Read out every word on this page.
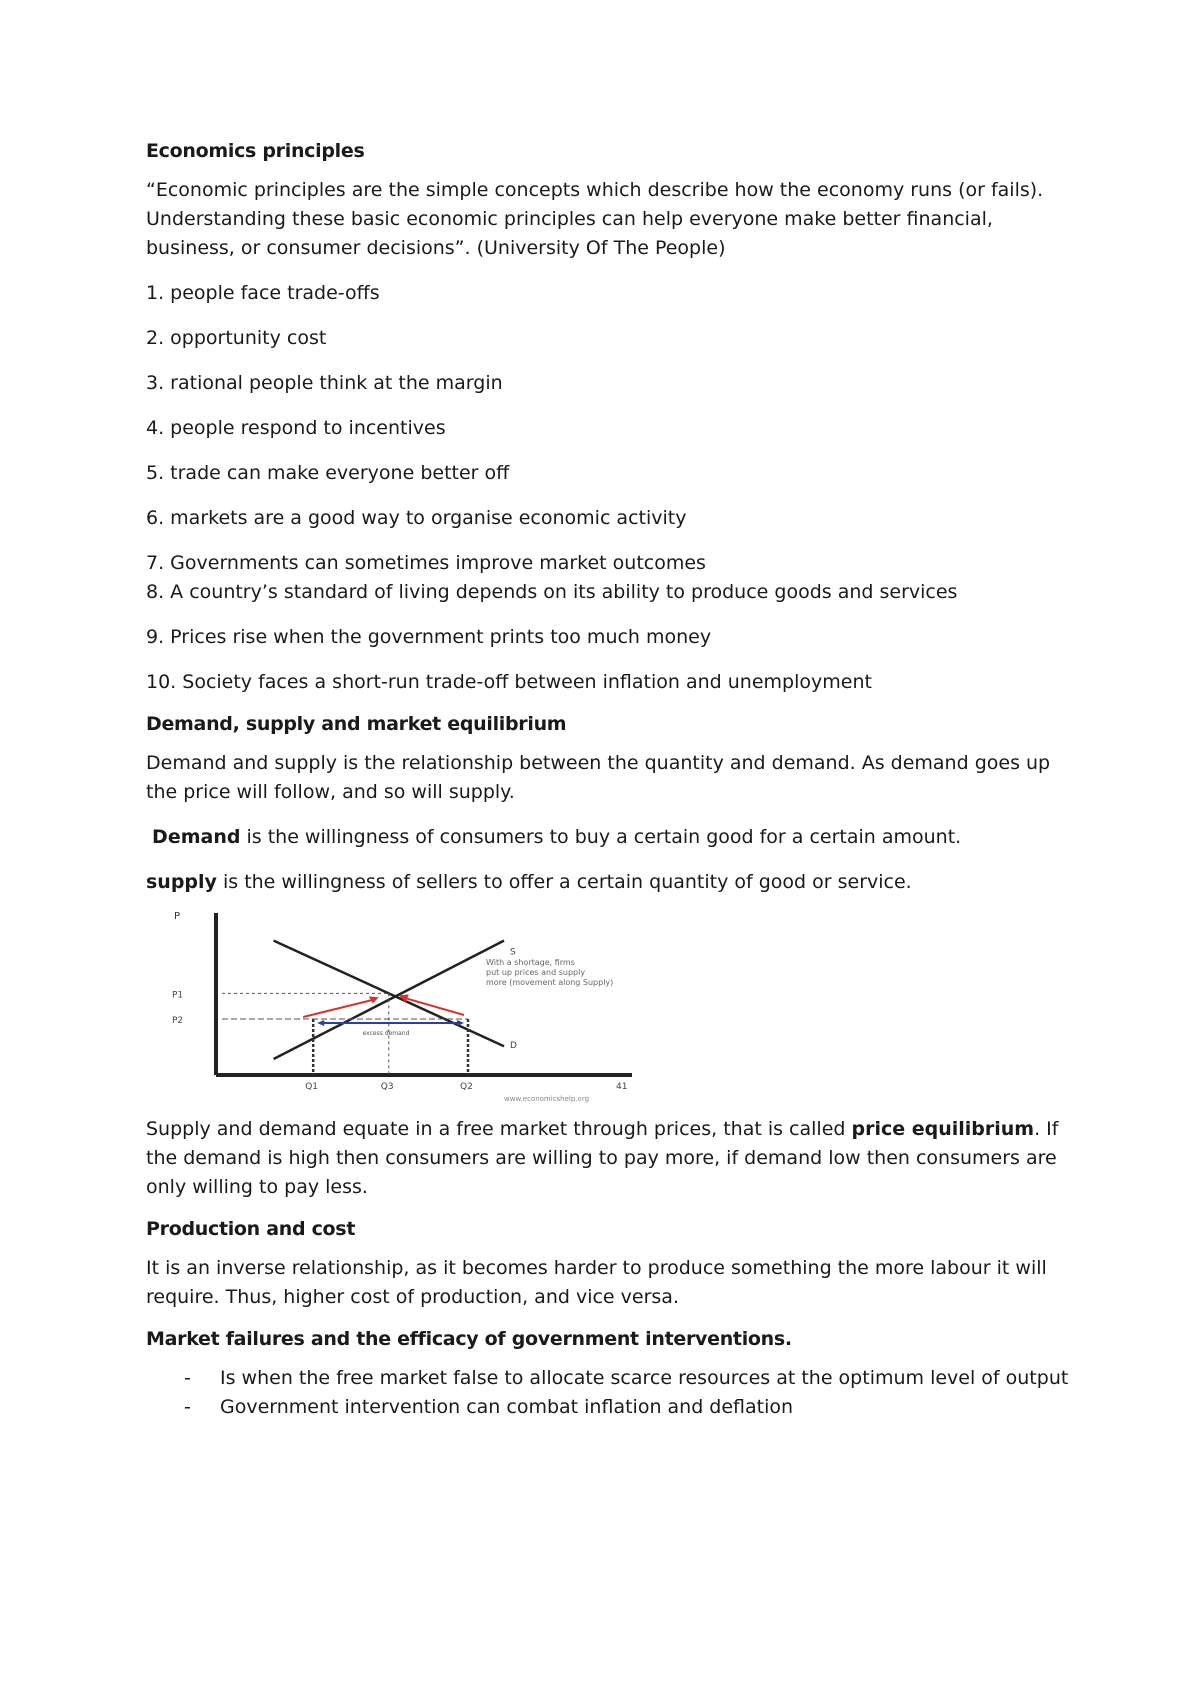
Economics principles

“Economic principles are the simple concepts which describe how the economy runs (or fails). Understanding these basic economic principles can help everyone make better financial, business, or consumer decisions”. (University Of The People)

1. people face trade-offs

2. opportunity cost

3. rational people think at the margin

4. people respond to incentives

5. trade can make everyone better off

6. markets are a good way to organise economic activity

7. Governments can sometimes improve market outcomes

8. A country’s standard of living depends on its ability to produce goods and services

9. Prices rise when the government prints too much money

10. Society faces a short-run trade-off between inflation and unemployment

Demand, supply and market equilibrium

Demand and supply is the relationship between the quantity and demand. As demand goes up the price will follow, and so will supply.

Demand is the willingness of consumers to buy a certain good for a certain amount.

supply is the willingness of sellers to offer a certain quantity of good or service.

P
S
D
P1
P2
Q1	Q3	Q2	41
excess demand
With a shortage, firms put up prices and supply more (movement along Supply)
www.economicshelp.org

Supply and demand equate in a free market through prices, that is called price equilibrium. If the demand is high then consumers are willing to pay more, if demand low then consumers are only willing to pay less.

Production and cost

It is an inverse relationship, as it becomes harder to produce something the more labour it will require. Thus, higher cost of production, and vice versa.

Market failures and the efficacy of government interventions.
- Is when the free market false to allocate scarce resources at the optimum level of output
- Government intervention can combat inflation and deflation
